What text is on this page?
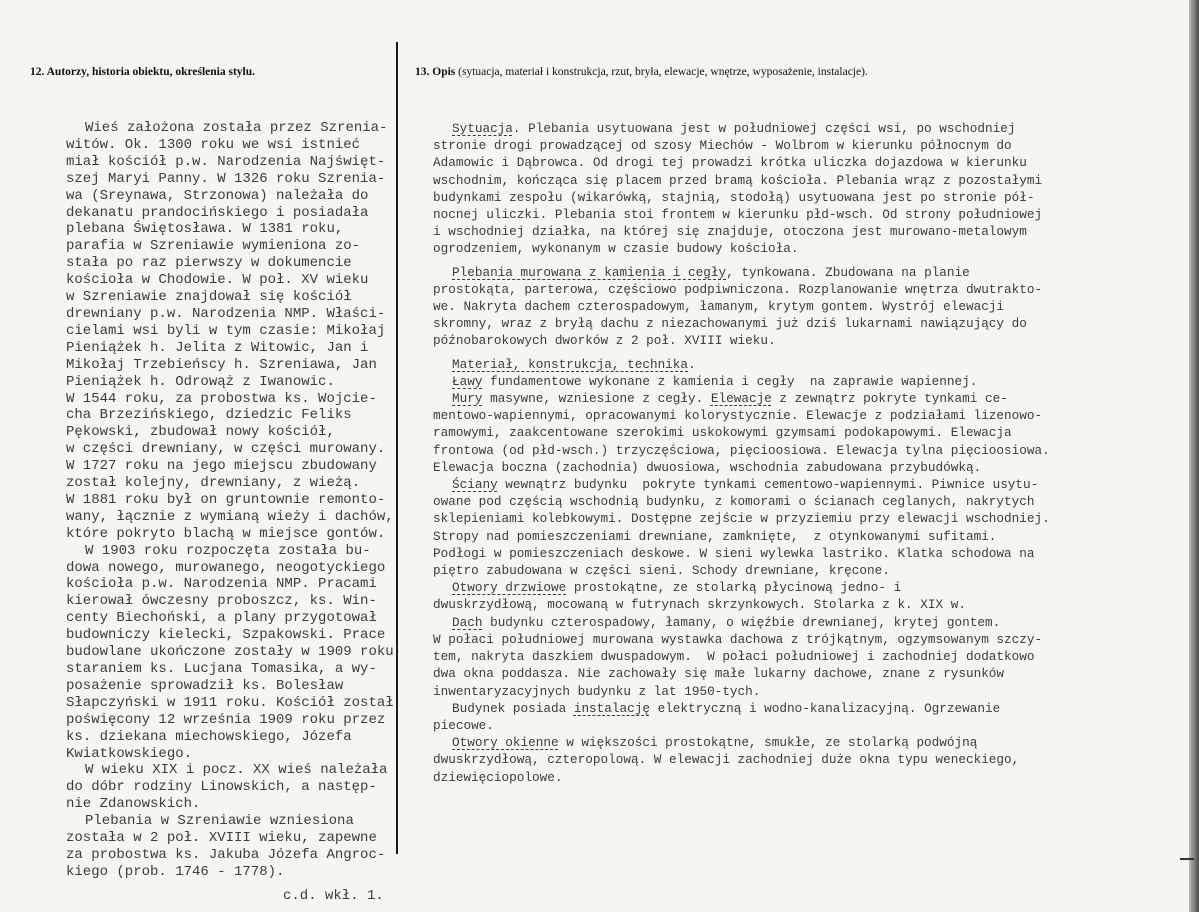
12. Autorzy, historia obiektu, określenia stylu.	13. Opis (sytuacja, materiał i konstrukcja, rzut, bryła, elewacje, wnętrze, wyposażenie, instalacje).
Wieś założona została przez Szrenia-
witów. Ok. 1300 roku we wsi istnieć
miał kościół p.w. Narodzenia Najświęt-
szej Maryi Panny. W 1326 roku Szrenia-
wa (Sreynawa, Strzonowa) należała do
dekanatu prandocińskiego i posiadała
plebana Świętosława. W 1381 roku,
parafia w Szreniawie wymieniona zo-
stała po raz pierwszy w dokumencie
kościoła w Chodowie. W poł. XV wieku
w Szreniawie znajdował się kościół
drewniany p.w. Narodzenia NMP. Właści-
cielami wsi byli w tym czasie: Mikołaj
Pieniążek h. Jelita z Witowic, Jan i
Mikołaj Trzebieńscy h. Szreniawa, Jan
Pieniążek h. Odrowąż z Iwanowic.
W 1544 roku, za probostwa ks. Wojcie-
cha Brzezińskiego, dziedzic Feliks
Pękowski, zbudował nowy kościół,
w części drewniany, w części murowany.
W 1727 roku na jego miejscu zbudowany
został kolejny, drewniany, z wieżą.
W 1881 roku był on gruntownie remonto-
wany, łącznie z wymianą wieży i dachów,
które pokryto blachą w miejsce gontów.
W 1903 roku rozpoczęta została bu-
dowa nowego, murowanego, neogotyckiego
kościoła p.w. Narodzenia NMP. Pracami
kierował ówczesny proboszcz, ks. Win-
centy Biechoński, a plany przygotował
budowniczy kielecki, Szpakowski. Prace
budowlane ukończone zostały w 1909 roku
staraniem ks. Lucjana Tomasika, a wy-
posażenie sprowadził ks. Bolesław
Słapczyński w 1911 roku. Kościół został
poświęcony 12 września 1909 roku przez
ks. dziekana miechowskiego, Józefa
Kwiatkowskiego.
W wieku XIX i pocz. XX wieś należała
do dóbr rodziny Linowskich, a następ-
nie Zdanowskich.
Plebania w Szreniawie wzniesiona
została w 2 poł. XVIII wieku, zapewne
za probostwa ks. Jakuba Józefa Angroc-
kiego (prob. 1746 - 1778).
Sytuacja. Plebania usytuowana jest w południowej części wsi, po wschodniej
stronie drogi prowadzącej od szosy Miechów - Wolbrom w kierunku północnym do
Adamowic i Dąbrowca. Od drogi tej prowadzi krótka uliczka dojazdowa w kierunku
wschodnim, kończąca się placem przed bramą kościoła. Plebania wrąz z pozostałymi
budynkami zespołu (wikarówką, stajnią, stodołą) usytuowana jest po stronie pół-
nocnej uliczki. Plebania stoi frontem w kierunku płd-wsch. Od strony południowej
i wschodniej działka, na której się znajduje, otoczona jest murowano-metalowym
ogrodzeniem, wykonanym w czasie budowy kościoła.
Plebania murowana z kamienia i cegły, tynkowana. Zbudowana na planie
prostokąta, parterowa, częściowo podpiwniczona. Rozplanowanie wnętrza dwutrakto-
we. Nakryta dachem czterospadowym, łamanym, krytym gontem. Wystrój elewacji
skromny, wraz z bryłą dachu z niezachowanymi już dziś lukarnami nawiązujący do
późnobarokowych dworków z 2 poł. XVIII wieku.
Materiał, konstrukcja, technika.
Ławy fundamentowe wykonane z kamienia i cegły  na zaprawie wapiennej.
Mury masywne, wzniesione z cegły. Elewacje z zewnątrz pokryte tynkami ce-
mentowo-wapiennymi, opracowanymi kolorystycznie. Elewacje z podziałami lizenowo-
ramowymi, zaakcentowane szerokimi uskokowymi gzymsami podokapowymi. Elewacja
frontowa (od płd-wsch.) trzyczęściowa, pięcioosiowa. Elewacja tylna pięcioosiowa.
Elewacja boczna (zachodnia) dwuosiowa, wschodnia zabudowana przybudówką.
Ściany wewnątrz budynku  pokryte tynkami cementowo-wapiennymi. Piwnice usytu-
owane pod częścią wschodnią budynku, z komorami o ścianach ceglanych, nakrytych
sklepieniami kolebkowymi. Dostępne zejście w przyziemiu przy elewacji wschodniej.
Stropy nad pomieszczeniami drewniane, zamknięte,  z otynkowanymi sufitami.
Podłogi w pomieszczeniach deskowe. W sieni wylewka lastriko. Klatka schodowa na
piętro zabudowana w części sieni. Schody drewniane, kręcone.
Otwory drzwiowe prostokątne, ze stolarką płycinową jedno- i
dwuskrzydłową, mocowaną w futrynach skrzynkowych. Stolarka z k. XIX w.
Dach budynku czterospadowy, łamany, o więźbie drewnianej, krytej gontem.
W połaci południowej murowana wystawka dachowa z trójkątnym, ogzymsowanym szczy-
tem, nakryta daszkiem dwuspadowym.  W połaci południowej i zachodniej dodatkowo
dwa okna poddasza. Nie zachowały się małe lukarny dachowe, znane z rysunków
inwentaryzacyjnych budynku z lat 1950-tych.
Budynek posiada instalację elektryczną i wodno-kanalizacyjną. Ogrzewanie
piecowe.
Otwory okienne w większości prostokątne, smukłe, ze stolarką podwójną
dwuskrzydłową, czteropolową. W elewacji zachodniej duże okna typu weneckiego,
dziewięciopolowe.
c.d. wkł. 1.
